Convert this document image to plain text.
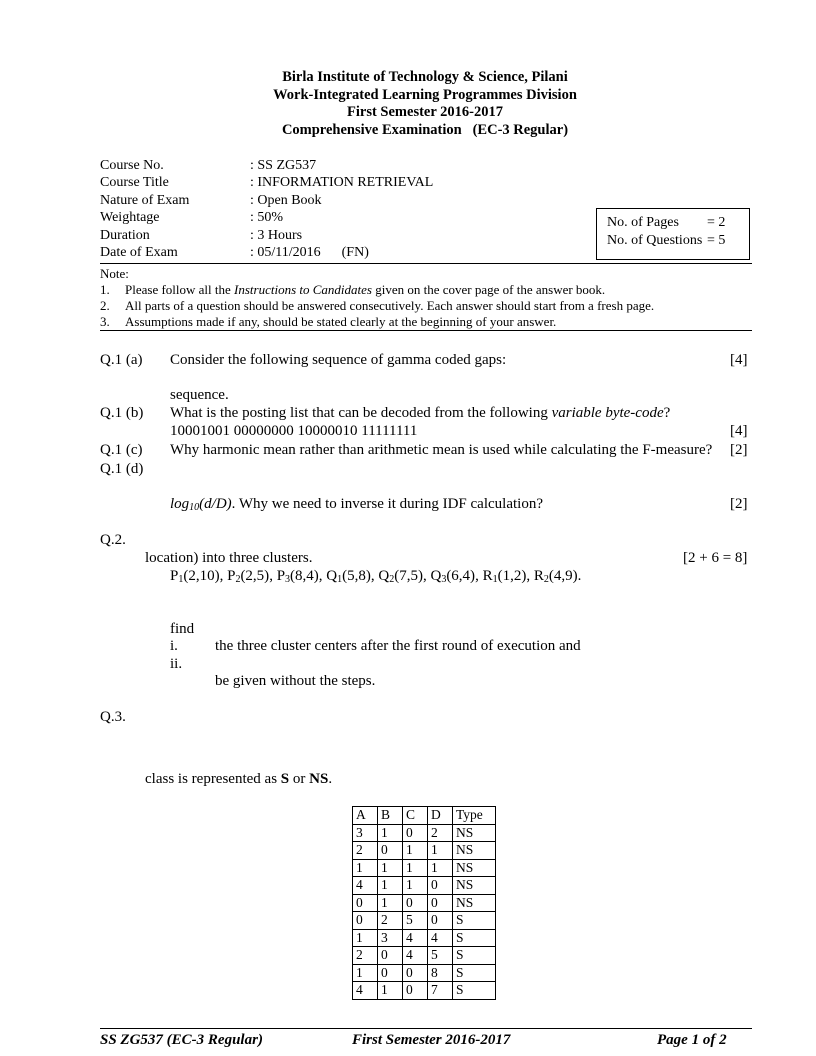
Birla Institute of Technology & Science, Pilani
Work-Integrated Learning Programmes Division
First Semester 2016-2017
Comprehensive Examination   (EC-3 Regular)
Course No.	: SS ZG537
Course Title	: INFORMATION RETRIEVAL
Nature of Exam	: Open Book
Weightage	: 50%
Duration	: 3 Hours
Date of Exam	: 05/11/2016      (FN)
No. of Pages = 2
No. of Questions = 5
Note:
1. Please follow all the Instructions to Candidates given on the cover page of the answer book.
2. All parts of a question should be answered consecutively. Each answer should start from a fresh page.
3. Assumptions made if any, should be stated clearly at the beginning of your answer.
Q.1 (a) Consider the following sequence of gamma coded gaps:	[4]
sequence.
Q.1 (b) What is the posting list that can be decoded from the following variable byte-code?
10001001 00000000 10000010 11111111	[4]
Q.1 (c) Why harmonic mean rather than arithmetic mean is used while calculating the F-measure? [2]
Q.1 (d)
$\log_{10}(d/D)$. Why we need to inverse it during IDF calculation?	[2]
Q.2.
location) into three clusters.	[2 + 6 = 8]
$P_1(2,10)$, $P_2(2,5)$, $P_3(8,4)$, $Q_1(5,8)$, $Q_2(7,5)$, $Q_3(6,4)$, $R_1(1,2)$, $R_2(4,9)$.
find
i. the three cluster centers after the first round of execution and
ii.
be given without the steps.
Q.3.
class is represented as S or NS.
A	B	C	D	Type
3	1	0	2	NS
2	0	1	1	NS
1	1	1	1	NS
4	1	1	0	NS
0	1	0	0	NS
0	2	5	0	S
1	3	4	4	S
2	0	4	5	S
1	0	0	8	S
4	1	0	7	S
SS ZG537 (EC-3 Regular)	First Semester 2016-2017	Page 1 of 2
